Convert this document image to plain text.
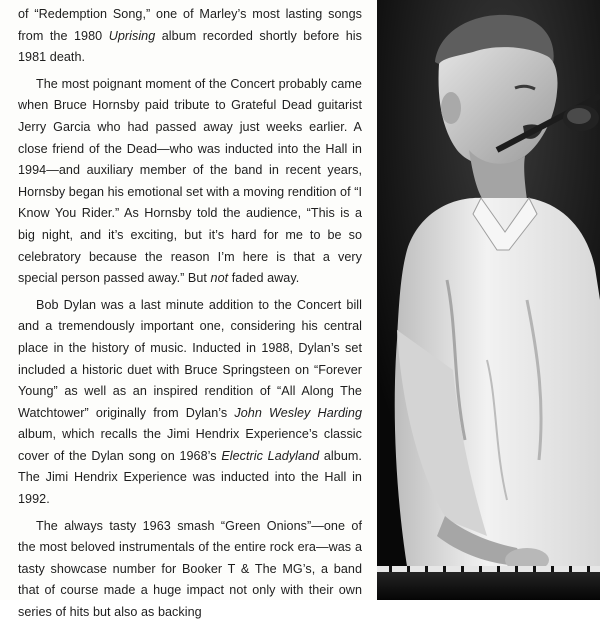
of “Redemption Song,” one of Marley’s most lasting songs from the 1980 Uprising album recorded shortly before his 1981 death.

The most poignant moment of the Concert probably came when Bruce Hornsby paid tribute to Grateful Dead guitarist Jerry Garcia who had passed away just weeks earlier. A close friend of the Dead—who was inducted into the Hall in 1994—and auxiliary member of the band in recent years, Hornsby began his emotional set with a moving rendition of “I Know You Rider.” As Hornsby told the audience, “This is a big night, and it’s exciting, but it’s hard for me to be so celebratory because the reason I’m here is that a very special person passed away.” But not faded away.

Bob Dylan was a last minute addition to the Concert bill and a tremendously important one, considering his central place in the history of music. Inducted in 1988, Dylan’s set included a historic duet with Bruce Springsteen on “Forever Young” as well as an inspired rendition of “All Along The Watchtower” originally from Dylan’s John Wesley Harding album, which recalls the Jimi Hendrix Experience’s classic cover of the Dylan song on 1968’s Electric Ladyland album. The Jimi Hendrix Experience was inducted into the Hall in 1992.

The always tasty 1963 smash “Green Onions”—one of the most beloved instrumentals of the entire rock era—was a tasty showcase number for Booker T & The MG’s, a band that of course made a huge impact not only with their own series of hits but also as backing
